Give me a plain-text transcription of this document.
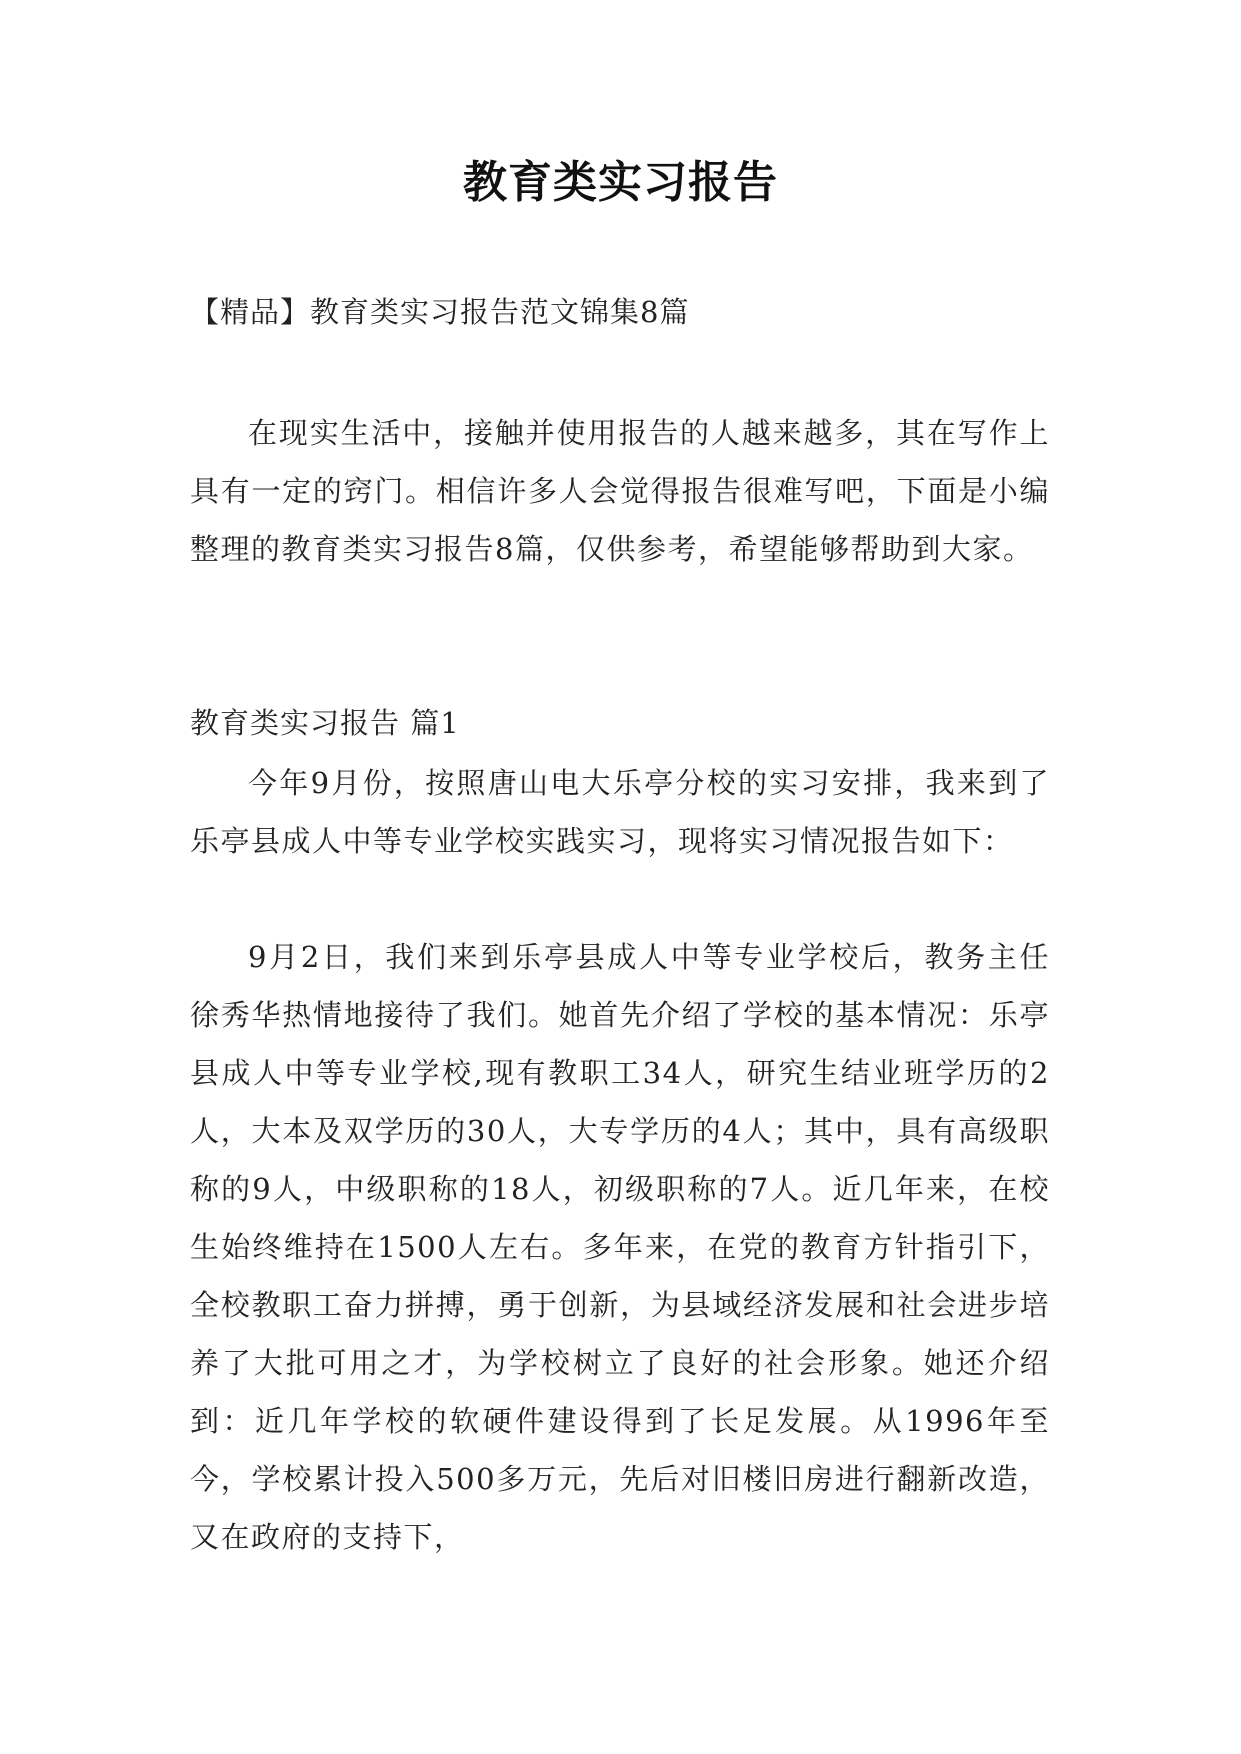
教育类实习报告

【精品】教育类实习报告范文锦集8篇

在现实生活中，接触并使用报告的人越来越多，其在写作上具有一定的窍门。相信许多人会觉得报告很难写吧，下面是小编整理的教育类实习报告8篇，仅供参考，希望能够帮助到大家。

教育类实习报告 篇1

今年9月份，按照唐山电大乐亭分校的实习安排，我来到了乐亭县成人中等专业学校实践实习，现将实习情况报告如下：

9月2日，我们来到乐亭县成人中等专业学校后，教务主任徐秀华热情地接待了我们。她首先介绍了学校的基本情况：乐亭县成人中等专业学校,现有教职工34人，研究生结业班学历的2人，大本及双学历的30人，大专学历的4人；其中，具有高级职称的9人，中级职称的18人，初级职称的7人。近几年来，在校生始终维持在1500人左右。多年来，在党的教育方针指引下，全校教职工奋力拼搏，勇于创新，为县域经济发展和社会进步培养了大批可用之才，为学校树立了良好的社会形象。她还介绍到：近几年学校的软硬件建设得到了长足发展。从1996年至今，学校累计投入500多万元，先后对旧楼旧房进行翻新改造，又在政府的支持下，
